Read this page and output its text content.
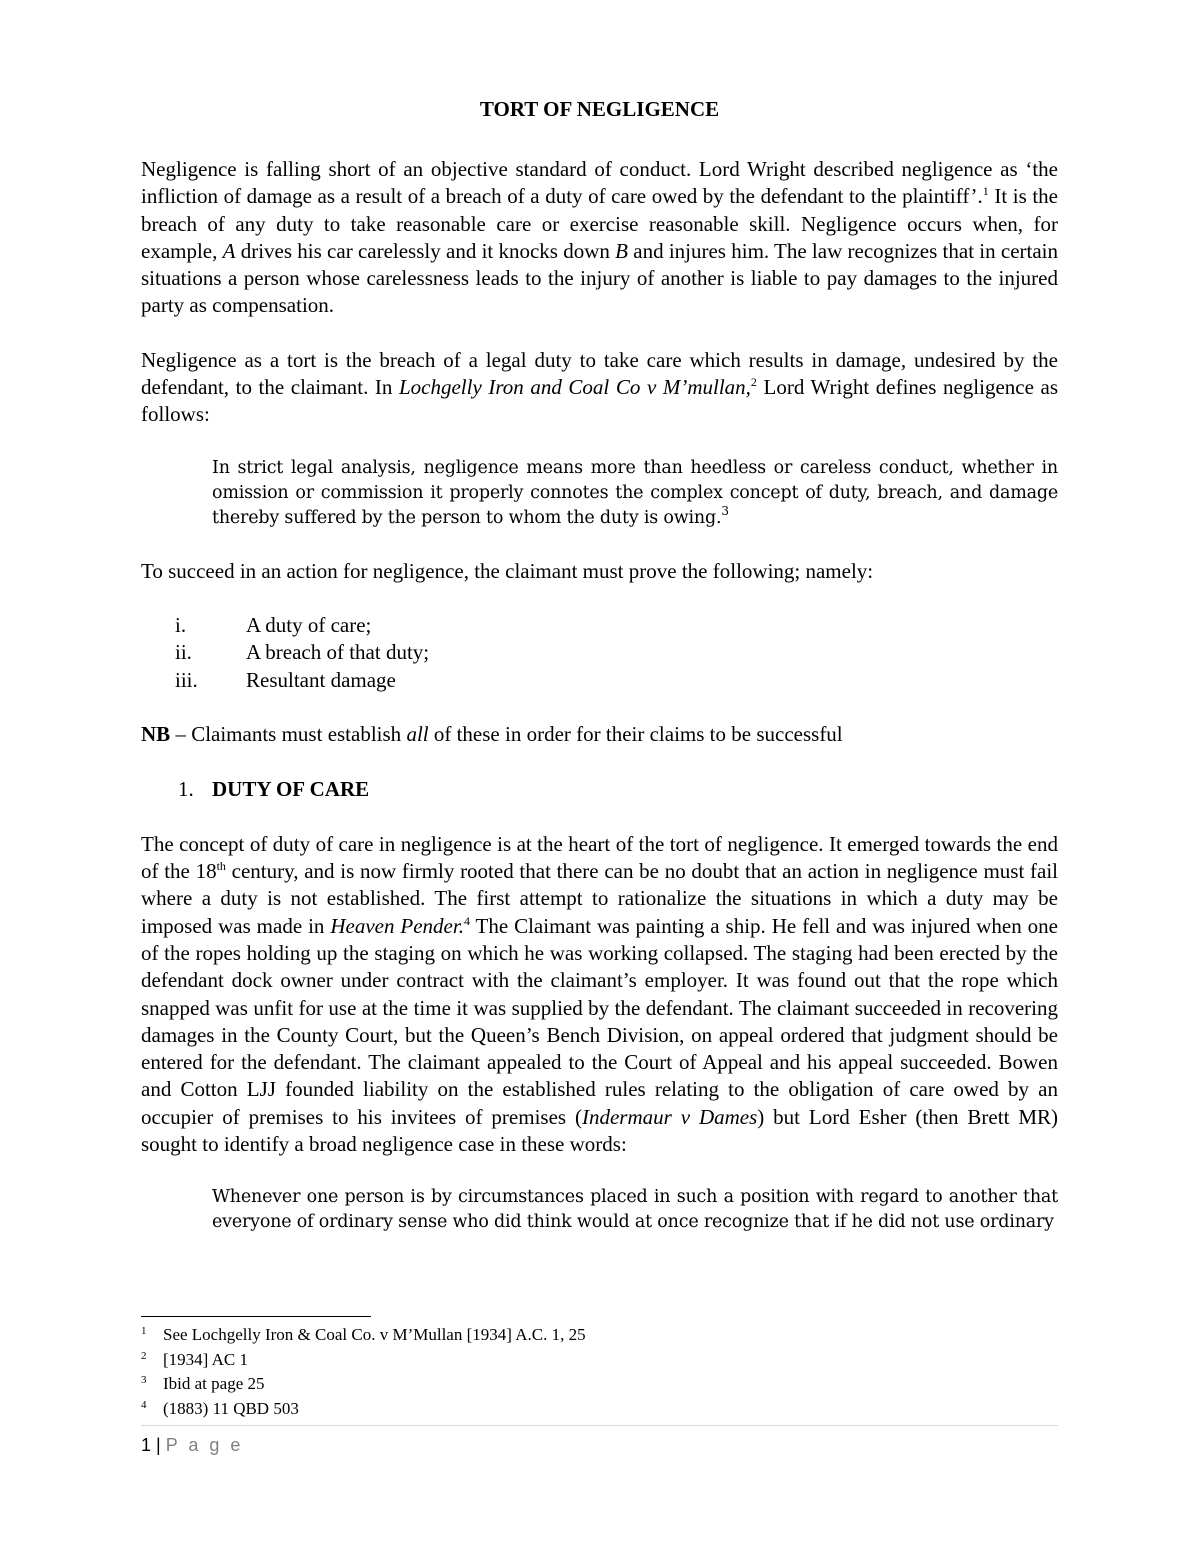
TORT OF NEGLIGENCE

Negligence is falling short of an objective standard of conduct. Lord Wright described negligence as ‘the infliction of damage as a result of a breach of a duty of care owed by the defendant to the plaintiff’.$^1$ It is the breach of any duty to take reasonable care or exercise reasonable skill. Negligence occurs when, for example, A drives his car carelessly and it knocks down B and injures him. The law recognizes that in certain situations a person whose carelessness leads to the injury of another is liable to pay damages to the injured party as compensation.

Negligence as a tort is the breach of a legal duty to take care which results in damage, undesired by the defendant, to the claimant. In Lochgelly Iron and Coal Co v M’mullan,$^2$ Lord Wright defines negligence as follows:

In strict legal analysis, negligence means more than heedless or careless conduct, whether in omission or commission it properly connotes the complex concept of duty, breach, and damage thereby suffered by the person to whom the duty is owing.$^3$

To succeed in an action for negligence, the claimant must prove the following; namely:

i.	A duty of care;
ii.	A breach of that duty;
iii.	Resultant damage

NB – Claimants must establish all of these in order for their claims to be successful

1. DUTY OF CARE

The concept of duty of care in negligence is at the heart of the tort of negligence. It emerged towards the end of the 18th century, and is now firmly rooted that there can be no doubt that an action in negligence must fail where a duty is not established. The first attempt to rationalize the situations in which a duty may be imposed was made in Heaven Pender.$^4$ The Claimant was painting a ship. He fell and was injured when one of the ropes holding up the staging on which he was working collapsed. The staging had been erected by the defendant dock owner under contract with the claimant’s employer. It was found out that the rope which snapped was unfit for use at the time it was supplied by the defendant. The claimant succeeded in recovering damages in the County Court, but the Queen’s Bench Division, on appeal ordered that judgment should be entered for the defendant. The claimant appealed to the Court of Appeal and his appeal succeeded. Bowen and Cotton LJJ founded liability on the established rules relating to the obligation of care owed by an occupier of premises to his invitees of premises (Indermaur v Dames) but Lord Esher (then Brett MR) sought to identify a broad negligence case in these words:

Whenever one person is by circumstances placed in such a position with regard to another that everyone of ordinary sense who did think would at once recognize that if he did not use ordinary
1 See Lochgelly Iron & Coal Co. v M’Mullan [1934] A.C. 1, 25
2 [1934] AC 1
3 Ibid at page 25
4 (1883) 11 QBD 503
1 | P a g e
